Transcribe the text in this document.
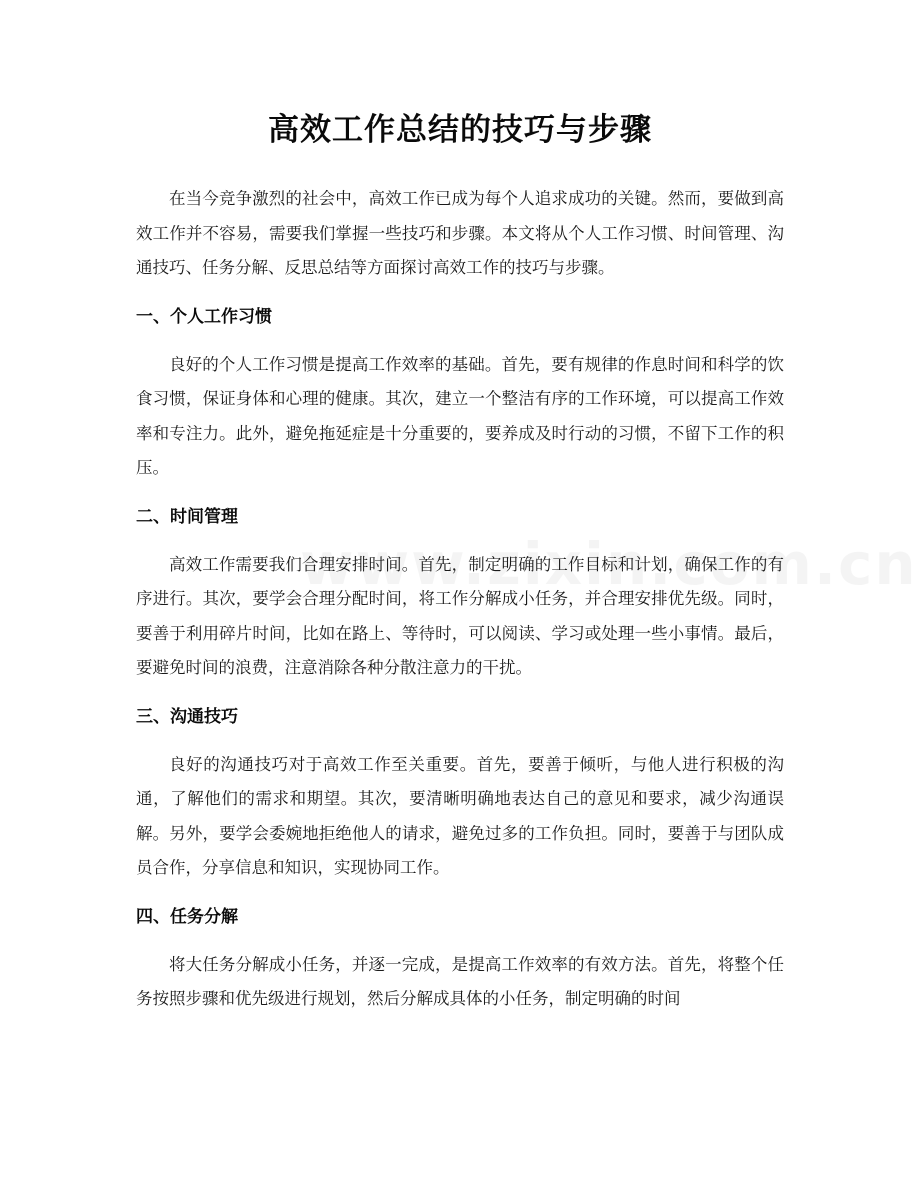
高效工作总结的技巧与步骤

在当今竞争激烈的社会中，高效工作已成为每个人追求成功的关键。然而，要做到高效工作并不容易，需要我们掌握一些技巧和步骤。本文将从个人工作习惯、时间管理、沟通技巧、任务分解、反思总结等方面探讨高效工作的技巧与步骤。

一、个人工作习惯

良好的个人工作习惯是提高工作效率的基础。首先，要有规律的作息时间和科学的饮食习惯，保证身体和心理的健康。其次，建立一个整洁有序的工作环境，可以提高工作效率和专注力。此外，避免拖延症是十分重要的，要养成及时行动的习惯，不留下工作的积压。

二、时间管理

高效工作需要我们合理安排时间。首先，制定明确的工作目标和计划，确保工作的有序进行。其次，要学会合理分配时间，将工作分解成小任务，并合理安排优先级。同时，要善于利用碎片时间，比如在路上、等待时，可以阅读、学习或处理一些小事情。最后，要避免时间的浪费，注意消除各种分散注意力的干扰。

三、沟通技巧

良好的沟通技巧对于高效工作至关重要。首先，要善于倾听，与他人进行积极的沟通，了解他们的需求和期望。其次，要清晰明确地表达自己的意见和要求，减少沟通误解。另外，要学会委婉地拒绝他人的请求，避免过多的工作负担。同时，要善于与团队成员合作，分享信息和知识，实现协同工作。

四、任务分解

将大任务分解成小任务，并逐一完成，是提高工作效率的有效方法。首先，将整个任务按照步骤和优先级进行规划，然后分解成具体的小任务，制定明确的时间
